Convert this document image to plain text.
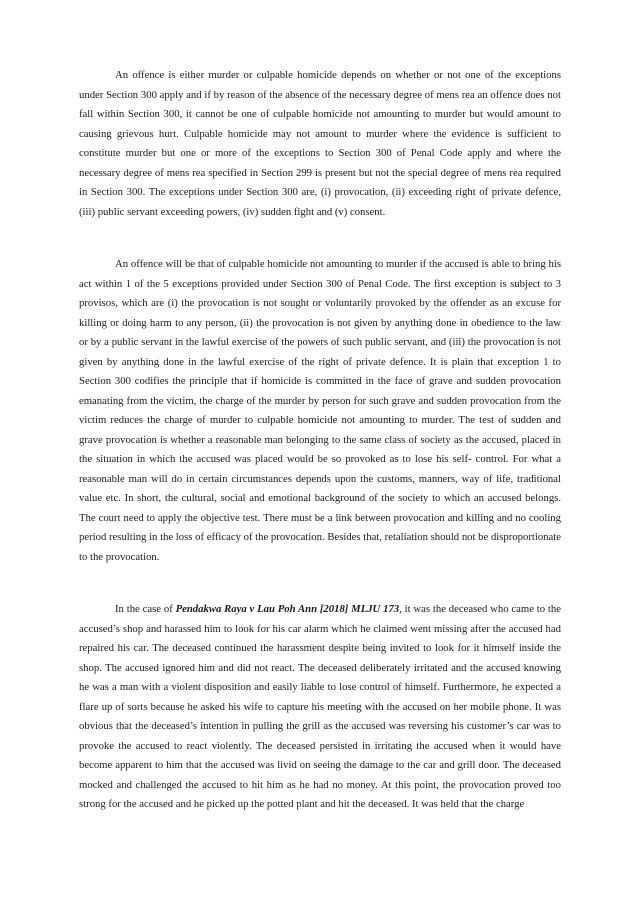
An offence is either murder or culpable homicide depends on whether or not one of the exceptions under Section 300 apply and if by reason of the absence of the necessary degree of mens rea an offence does not fall within Section 300, it cannot be one of culpable homicide not amounting to murder but would amount to causing grievous hurt. Culpable homicide may not amount to murder where the evidence is sufficient to constitute murder but one or more of the exceptions to Section 300 of Penal Code apply and where the necessary degree of mens rea specified in Section 299 is present but not the special degree of mens rea required in Section 300. The exceptions under Section 300 are, (i) provocation, (ii) exceeding right of private defence, (iii) public servant exceeding powers, (iv) sudden fight and (v) consent.

An offence will be that of culpable homicide not amounting to murder if the accused is able to bring his act within 1 of the 5 exceptions provided under Section 300 of Penal Code. The first exception is subject to 3 provisos, which are (i) the provocation is not sought or voluntarily provoked by the offender as an excuse for killing or doing harm to any person, (ii) the provocation is not given by anything done in obedience to the law or by a public servant in the lawful exercise of the powers of such public servant, and (iii) the provocation is not given by anything done in the lawful exercise of the right of private defence. It is plain that exception 1 to Section 300 codifies the principle that if homicide is committed in the face of grave and sudden provocation emanating from the victim, the charge of the murder by person for such grave and sudden provocation from the victim reduces the charge of murder to culpable homicide not amounting to murder. The test of sudden and grave provocation is whether a reasonable man belonging to the same class of society as the accused, placed in the situation in which the accused was placed would be so provoked as to lose his self- control. For what a reasonable man will do in certain circumstances depends upon the customs, manners, way of life, traditional value etc. In short, the cultural, social and emotional background of the society to which an accused belongs. The court need to apply the objective test. There must be a link between provocation and killing and no cooling period resulting in the loss of efficacy of the provocation. Besides that, retaliation should not be disproportionate to the provocation.

In the case of Pendakwa Raya v Lau Poh Ann [2018] MLJU 173, it was the deceased who came to the accused’s shop and harassed him to look for his car alarm which he claimed went missing after the accused had repaired his car. The deceased continued the harassment despite being invited to look for it himself inside the shop. The accused ignored him and did not react. The deceased deliberately irritated and the accused knowing he was a man with a violent disposition and easily liable to lose control of himself. Furthermore, he expected a flare up of sorts because he asked his wife to capture his meeting with the accused on her mobile phone. It was obvious that the deceased’s intention in pulling the grill as the accused was reversing his customer’s car was to provoke the accused to react violently. The deceased persisted in irritating the accused when it would have become apparent to him that the accused was livid on seeing the damage to the car and grill door. The deceased mocked and challenged the accused to hit him as he had no money. At this point, the provocation proved too strong for the accused and he picked up the potted plant and hit the deceased. It was held that the charge
